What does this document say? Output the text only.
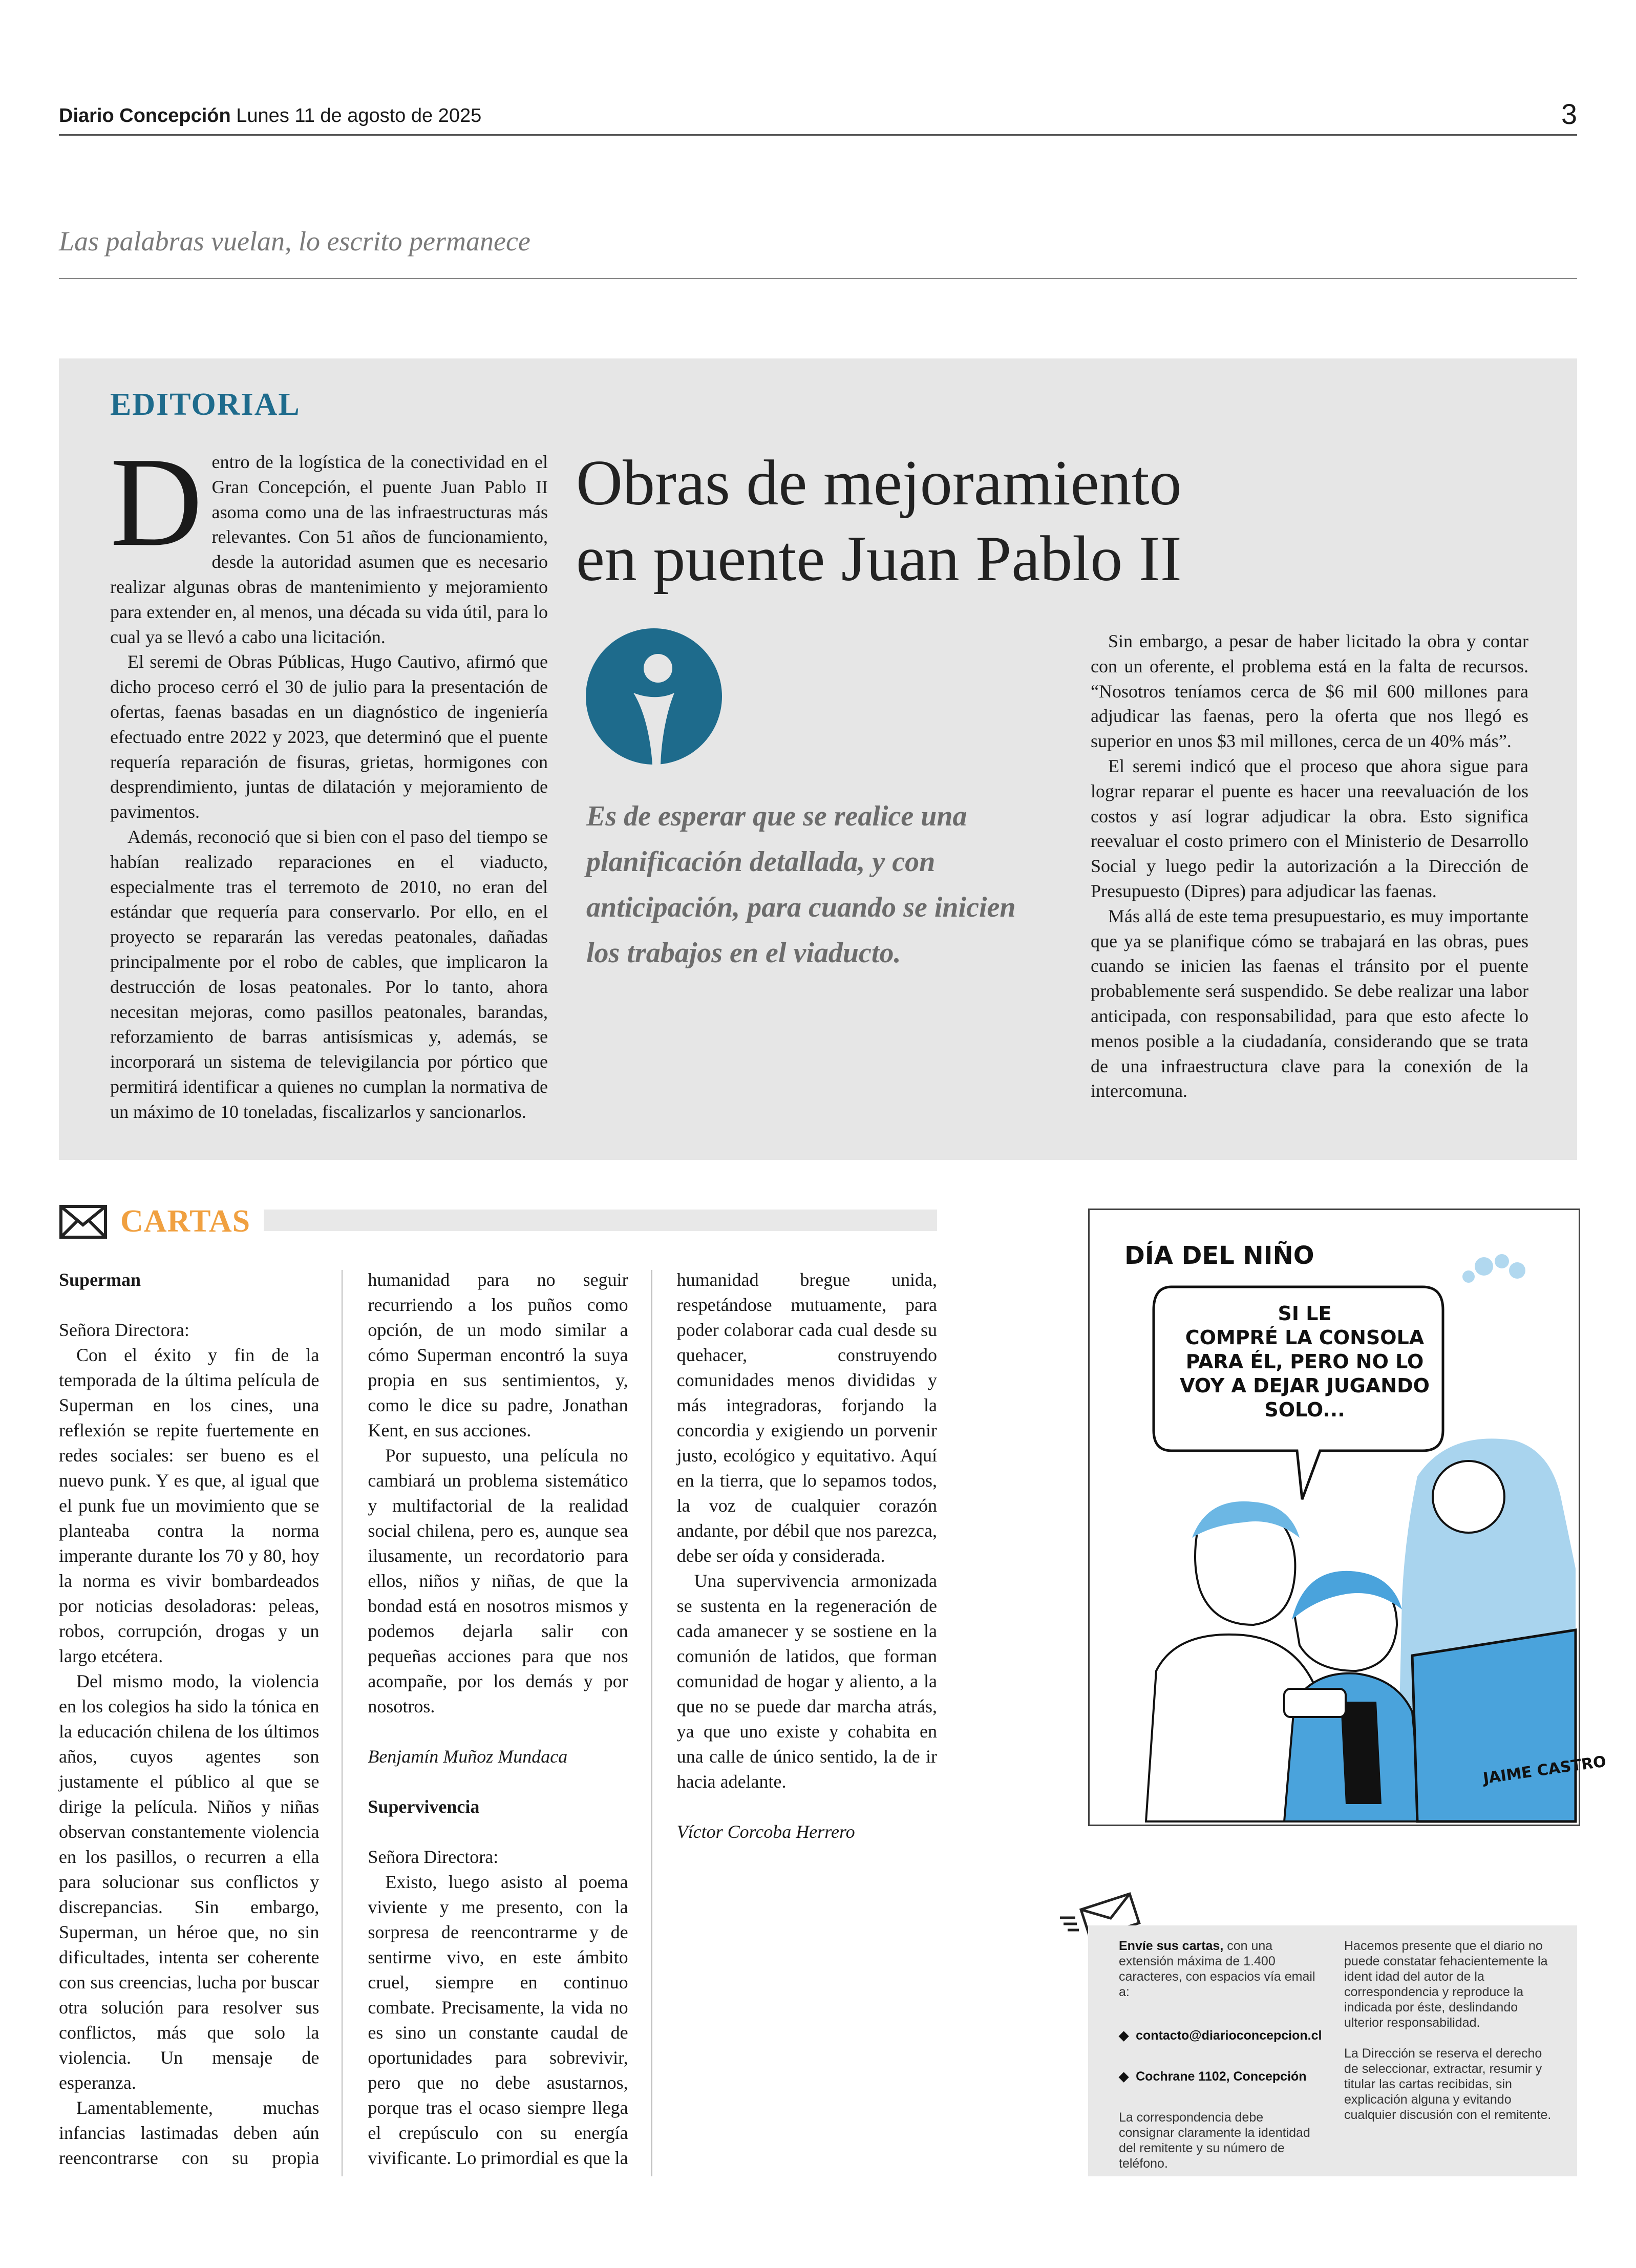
Diario Concepción Lunes 11 de agosto de 2025	3
Las palabras vuelan, lo escrito permanece
EDITORIAL

Dentro de la logística de la conectividad en el Gran Concepción, el puente Juan Pablo II asoma como una de las infraestructuras más relevantes. Con 51 años de funcionamiento, desde la autoridad asumen que es necesario realizar algunas obras de mantenimiento y mejoramiento para extender en, al menos, una década su vida útil, para lo cual ya se llevó a cabo una licitación.

El seremi de Obras Públicas, Hugo Cautivo, afirmó que dicho proceso cerró el 30 de julio para la presentación de ofertas, faenas basadas en un diagnóstico de ingeniería efectuado entre 2022 y 2023, que determinó que el puente requería reparación de fisuras, grietas, hormigones con desprendimiento, juntas de dilatación y mejoramiento de pavimentos.

Además, reconoció que si bien con el paso del tiempo se habían realizado reparaciones en el viaducto, especialmente tras el terremoto de 2010, no eran del estándar que requería para conservarlo. Por ello, en el proyecto se repararán las veredas peatonales, dañadas principalmente por el robo de cables, que implicaron la destrucción de losas peatonales. Por lo tanto, ahora necesitan mejoras, como pasillos peatonales, barandas, reforzamiento de barras antisísmicas y, además, se incorporará un sistema de televigilancia por pórtico que permitirá identificar a quienes no cumplan la normativa de un máximo de 10 toneladas, fiscalizarlos y sancionarlos.

Obras de mejoramiento en puente Juan Pablo II
Es de esperar que se realice una planificación detallada, y con anticipación, para cuando se inicien los trabajos en el viaducto.

Sin embargo, a pesar de haber licitado la obra y contar con un oferente, el problema está en la falta de recursos. “Nosotros teníamos cerca de $6 mil 600 millones para adjudicar las faenas, pero la oferta que nos llegó es superior en unos $3 mil millones, cerca de un 40% más”.

El seremi indicó que el proceso que ahora sigue para lograr reparar el puente es hacer una reevaluación de los costos y así lograr adjudicar la obra. Esto significa reevaluar el costo primero con el Ministerio de Desarrollo Social y luego pedir la autorización a la Dirección de Presupuesto (Dipres) para adjudicar las faenas.

Más allá de este tema presupuestario, es muy importante que ya se planifique cómo se trabajará en las obras, pues cuando se inicien las faenas el tránsito por el puente probablemente será suspendido. Se debe realizar una labor anticipada, con responsabilidad, para que esto afecte lo menos posible a la ciudadanía, considerando que se trata de una infraestructura clave para la conexión de la intercomuna.

CARTAS

Superman

Señora Directora:

Con el éxito y fin de la temporada de la última película de Superman en los cines, una reflexión se repite fuertemente en redes sociales: ser bueno es el nuevo punk. Y es que, al igual que el punk fue un movimiento que se planteaba contra la norma imperante durante los 70 y 80, hoy la norma es vivir bombardeados por noticias desoladoras: peleas, robos, corrupción, drogas y un largo etcétera.

Del mismo modo, la violencia en los colegios ha sido la tónica en la educación chilena de los últimos años, cuyos agentes son justamente el público al que se dirige la película. Niños y niñas observan constantemente violencia en los pasillos, o recurren a ella para solucionar sus conflictos y discrepancias. Sin embargo, Superman, un héroe que, no sin dificultades, intenta ser coherente con sus creencias, lucha por buscar otra solución para resolver sus conflictos, más que solo la violencia. Un mensaje de esperanza.

Lamentablemente, muchas infancias lastimadas deben aún reencontrarse con su propia humanidad para no seguir recurriendo a los puños como opción, de un modo similar a cómo Superman encontró la suya propia en sus sentimientos, y, como le dice su padre, Jonathan Kent, en sus acciones.

Por supuesto, una película no cambiará un problema sistemático y multifactorial de la realidad social chilena, pero es, aunque sea ilusamente, un recordatorio para ellos, niños y niñas, de que la bondad está en nosotros mismos y podemos dejarla salir con pequeñas acciones para que nos acompañe, por los demás y por nosotros.

Benjamín Muñoz Mundaca

Supervivencia

Señora Directora:

Existo, luego asisto al poema viviente y me presento, con la sorpresa de reencontrarme y de sentirme vivo, en este ámbito cruel, siempre en continuo combate. Precisamente, la vida no es sino un constante caudal de oportunidades para sobrevivir, pero que no debe asustarnos, porque tras el ocaso siempre llega el crepúsculo con su energía vivificante. Lo primordial es que la humanidad bregue unida, respetándose mutuamente, para poder colaborar cada cual desde su quehacer, construyendo comunidades menos divididas y más integradoras, forjando la concordia y exigiendo un porvenir justo, ecológico y equitativo. Aquí en la tierra, que lo sepamos todos, la voz de cualquier corazón andante, por débil que nos parezca, debe ser oída y considerada.

Una supervivencia armonizada se sustenta en la regeneración de cada amanecer y se sostiene en la comunión de latidos, que forman comunidad de hogar y aliento, a la que no se puede dar marcha atrás, ya que uno existe y cohabita en una calle de único sentido, la de ir hacia adelante.

Víctor Corcoba Herrero

DÍA DEL NIÑO
SI LE
COMPRÉ LA CONSOLA
PARA ÉL, PERO NO LO
VOY A DEJAR JUGANDO
SOLO...
JAIME CASTRO
Envíe sus cartas, con una extensión máxima de 1.400 caracteres, con espacios vía email a:
◆  contacto@diarioconcepcion.cl
◆  Cochrane 1102, Concepción
La correspondencia debe consignar claramente la identidad del remitente y su número de teléfono.
Hacemos presente que el diario no puede constatar fehacientemente la ident idad del autor de la correspondencia y reproduce la indicada por éste, deslindando ulterior responsabilidad.
La Dirección se reserva el derecho de seleccionar, extractar, resumir y titular las cartas recibidas, sin explicación alguna y evitando cualquier discusión con el remitente.
